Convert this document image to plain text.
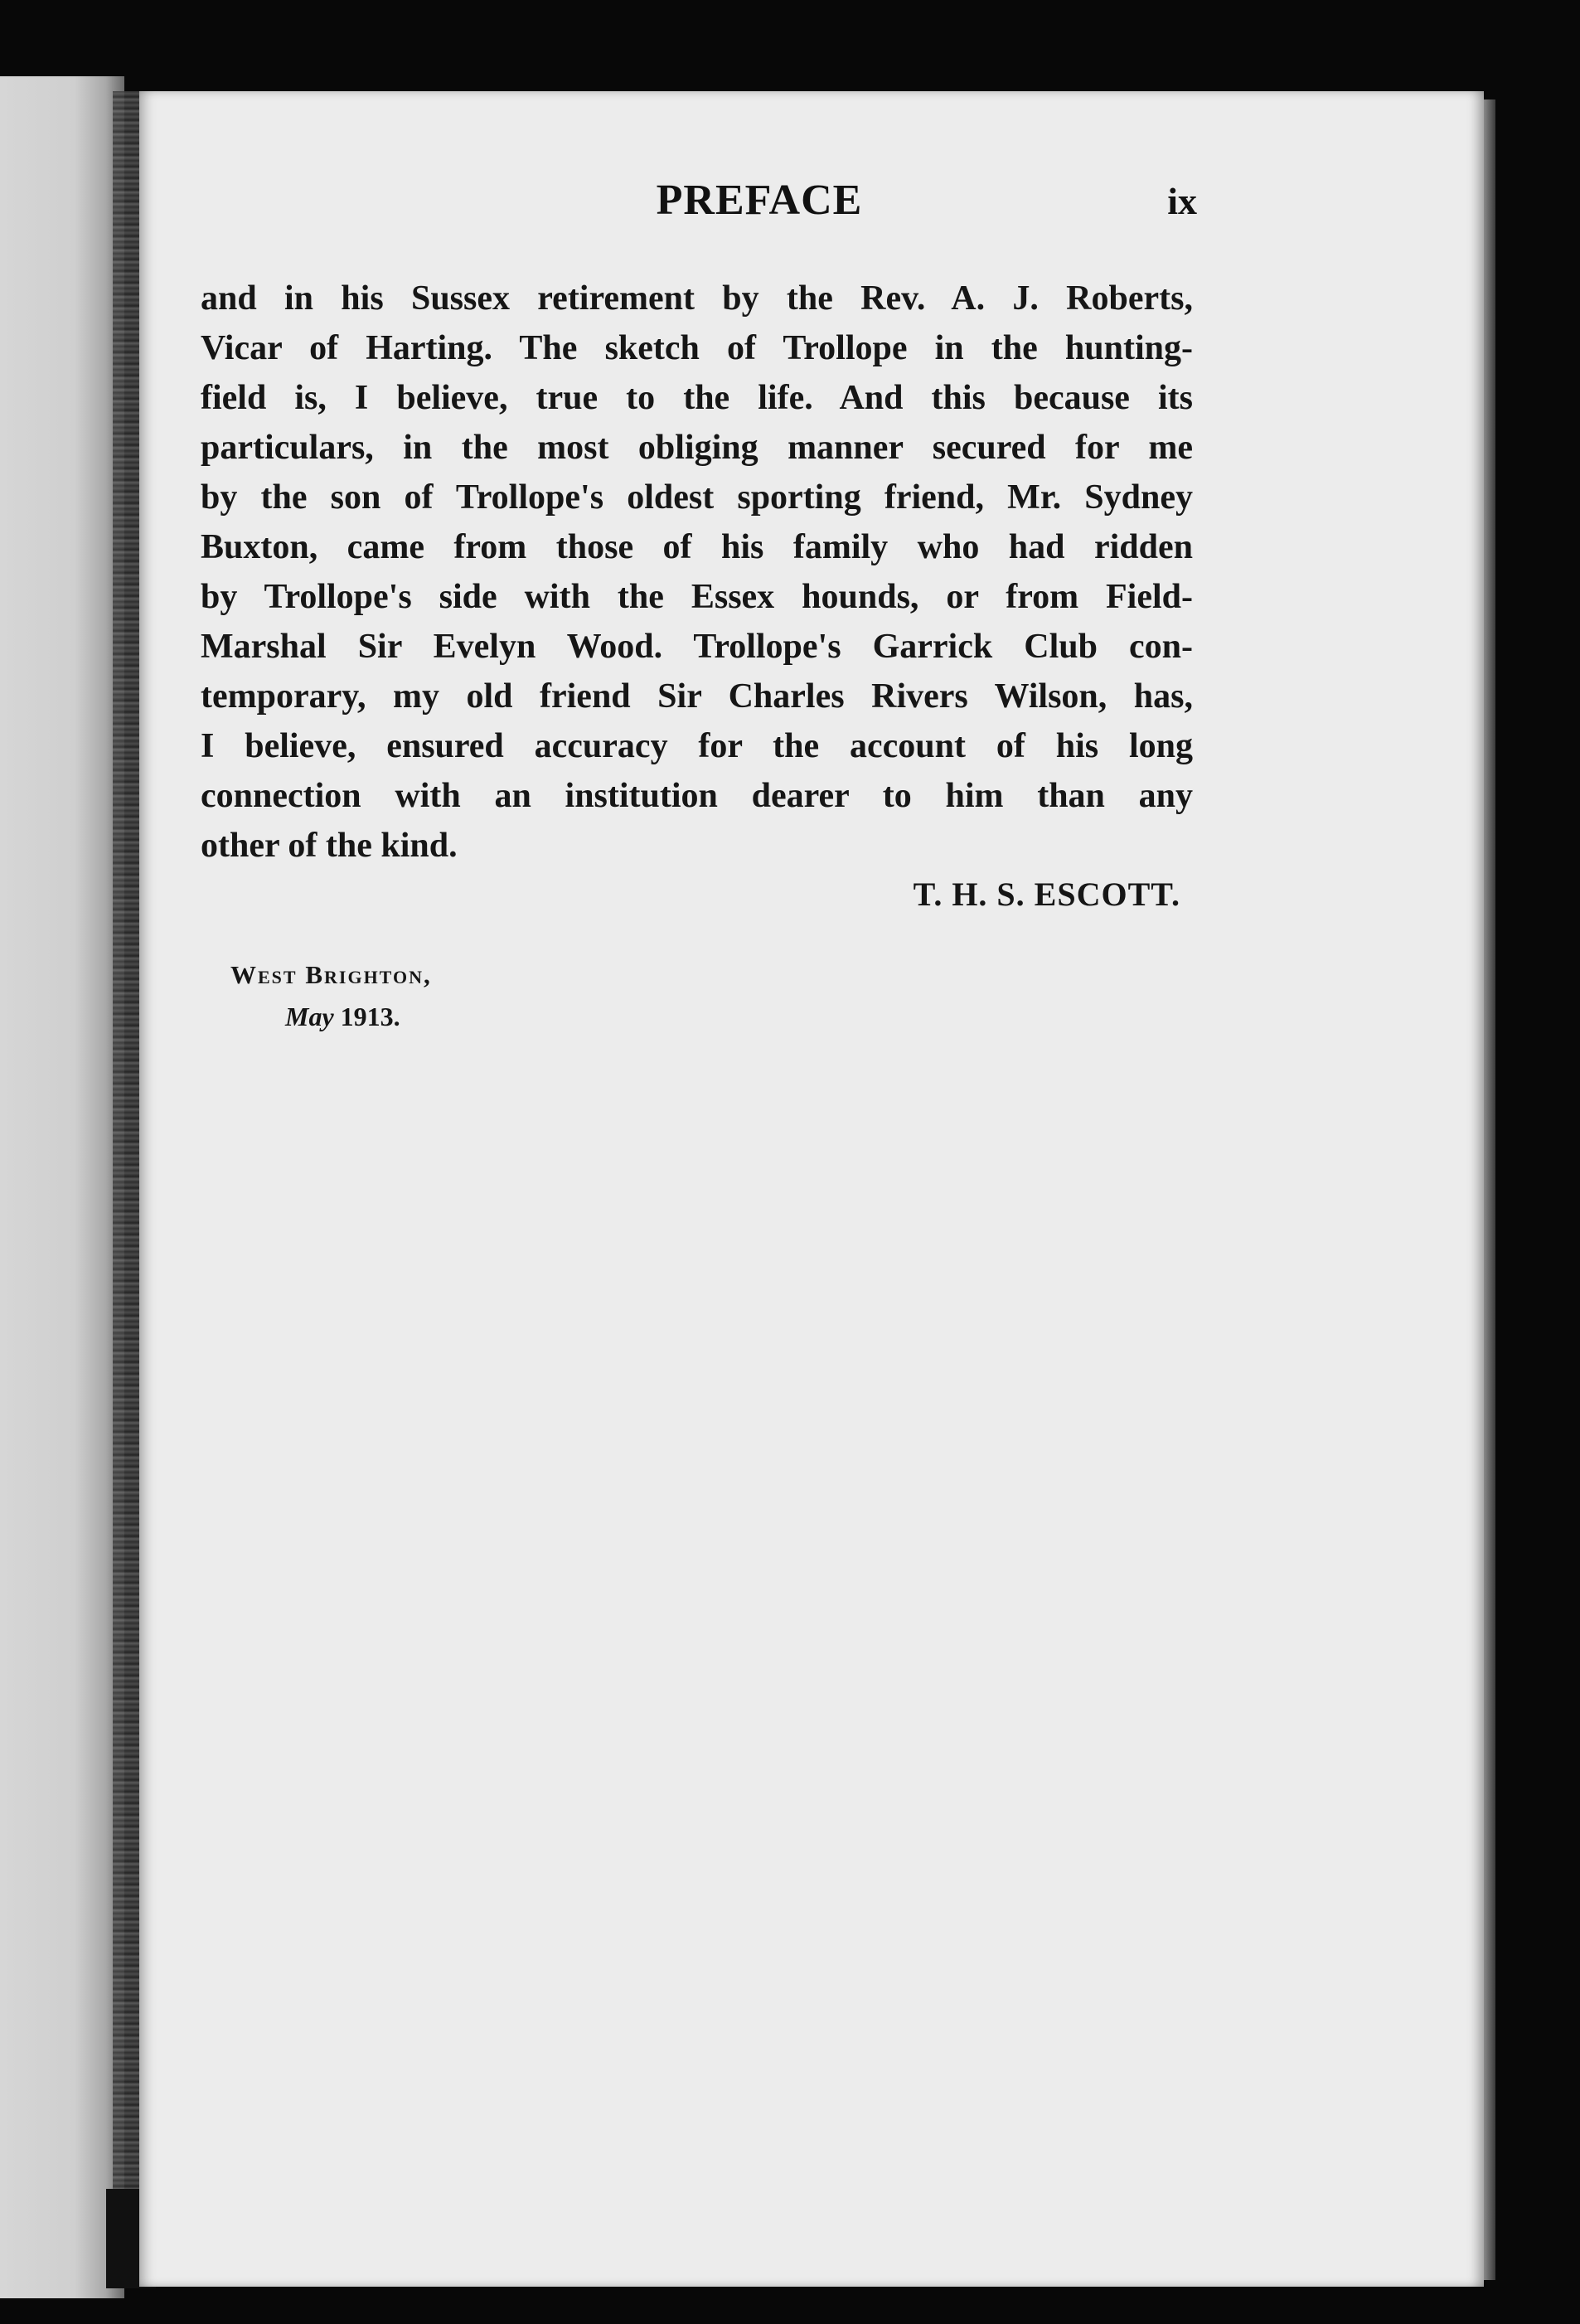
PREFACE	ix
and in his Sussex retirement by the Rev. A. J. Roberts,
Vicar of Harting. The sketch of Trollope in the hunting-
field is, I believe, true to the life. And this because its
particulars, in the most obliging manner secured for me
by the son of Trollope's oldest sporting friend, Mr. Sydney
Buxton, came from those of his family who had ridden
by Trollope's side with the Essex hounds, or from Field-
Marshal Sir Evelyn Wood. Trollope's Garrick Club con-
temporary, my old friend Sir Charles Rivers Wilson, has,
I believe, ensured accuracy for the account of his long
connection with an institution dearer to him than any
other of the kind.
T. H. S. ESCOTT.
West Brighton,
May 1913.
